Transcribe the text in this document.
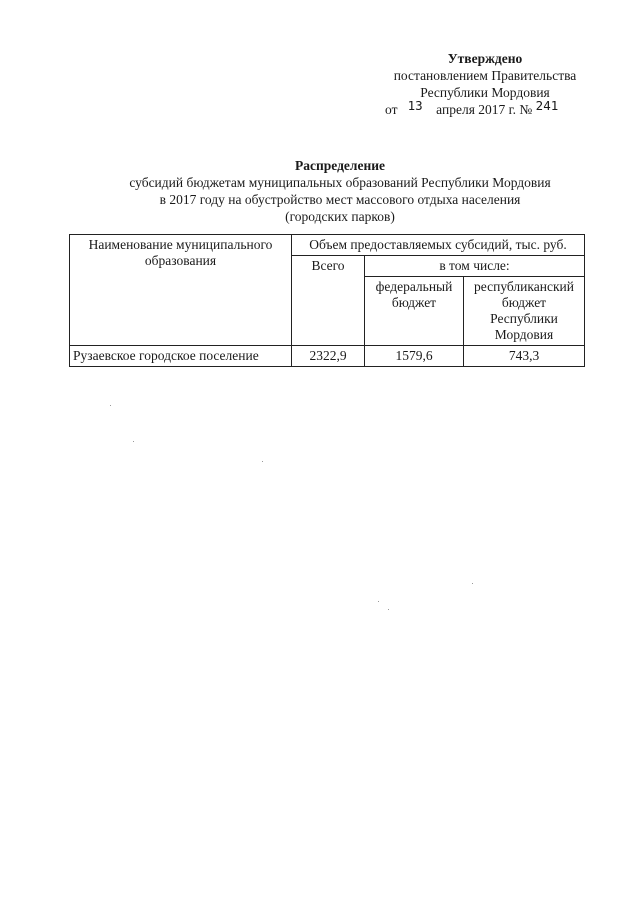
Утверждено
постановлением Правительства
Республики Мордовия
от 13 апреля 2017 г. № 241
Распределение
субсидий бюджетам муниципальных образований Республики Мордовия
в 2017 году на обустройство мест массового отдыха населения
(городских парков)
Наименование муниципального образования	Объем предоставляемых субсидий, тыс. руб.		
	Всего	в том числе:	
		федеральный бюджет	республиканский бюджет Республики Мордовия
Рузаевское городское поселение	2322,9	1579,6	743,3
